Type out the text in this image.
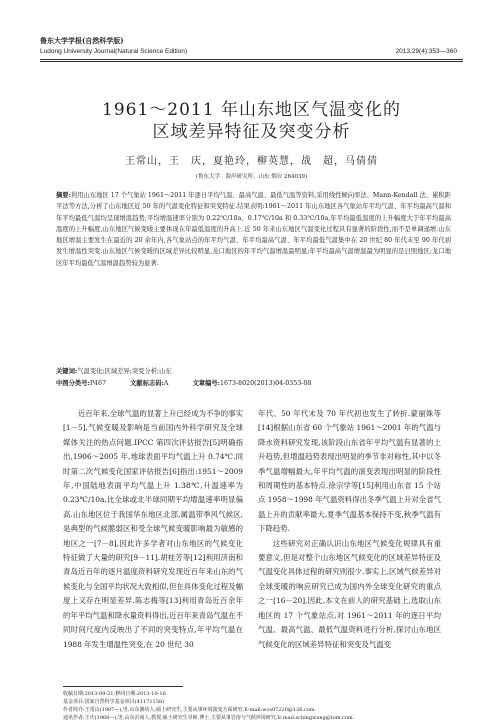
鲁东大学学报(自然科学版)
Ludong University Journal(Natural Science Edition)	2013,29(4):353—360
1961～2011 年山东地区气温变化的
区域差异特征及突变分析
王常山，王　庆，夏艳玲，柳英慧，战　超，马倩倩
(鲁东大学　海岸研究所，山东 烟台 264039)
摘要:利用山东地区 17 个气象站 1961～2011 年逐日平均气温、最高气温、最低气温等资料,采用线性倾向率法、Mann-Kendall 法、累积距平法等方法,分析了山东地区近 50 年的气温变化特征和突变特征.结果表明:1961～2011 年山东地区各气象站年平均气温、年平均最高气温和年平均最低气温均呈现增温趋势,平均增温速率分别为 0.22℃/10a、0.17℃/10a 和 0.33℃/10a,年平均最低温度的上升幅度大于年平均最高温度的上升幅度,山东地区气候变暖主要体现在年最低温度的升高上.近 50 年来山东地区气温变化过程具有显著的阶段性,而不是单调递增.山东地区增温主要发生在最近的 20 余年内,各气象站点的年平均气温、年平均最高气温、年平均最低气温集中在 20 世纪 80 年代末至 90 年代初发生增温性突变.山东地区气候变暖的区域差异比较明显,龙口地区的年平均气温增温最明显;年平均最高气温增温最为明显的是日照地区;龙口地区年平均最低气温增温趋势较为显著.
关键词:气温变化;区域差异;突变分析;山东
中图分类号:P467	文献标志码:A	文章编号:1673-8020(2013)04-0353-08

近百年来,全球气温的显著上升已经成为不争的事实[1－5],气候变暖及影响是当前国内外科学研究及全球媒体关注的热点问题.IPCC 第四次评估报告[5]明确指出,1906～2005 年,地球表面平均气温上升 0.74℃.同时第二次气候变化国家评估报告[6]指出:1951～2009 年,中国陆地表面平均气温上升 1.38℃,升温速率为 0.23℃/10a,比全球或北半球同期平均增温速率明显偏高.山东地区位于我国华东地区北部,属温带季风气候区,是典型的气候脆弱区和受全球气候变暖影响最为敏感的地区之一[7－8],因此许多学者对山东地区的气候变化特征做了大量的研究[9－11].胡桂芳等[12]利用济南和青岛近百年的逐月温度资料研究发现近百年来山东的气候变化与全国平均状况大致相似,但在具体变化过程及幅度上又存在明显差异.陈志梅等[13]利用青岛近百余年的年平均气温和降水量资料得出,近百年来青岛气温在不同时间尺度内反映出了不同的突变特点,年平均气温在 1988 年发生增温性突变,在 20 世纪 30

年代、50 年代末及 70 年代初也发生了转折.蒙丽姝等[14]根据山东省 60 个气象站 1961～2001 年的气温与降水资料研究发现,该阶段山东省年平均气温有显著的上升趋势,但增温趋势表现出明显的季节非对称性,其中以冬季气温增幅最大,年平均气温的演变表现出明显的阶段性和周期性的基本特点.徐宗学等[15]利用山东省 15 个站点 1958～1998 年气温资料得出冬季气温上升对全省气温上升的贡献率最大,夏季气温基本保持不变,秋季气温有下降趋势.

这些研究对正确认识山东地区气候变化规律具有重要意义,但是对整个山东地区气候变化的区域差异特征及气温变化具体过程的研究则很少.事实上,区域气候差异对全球变暖的响应研究已成为国内外全球变化研究的重点之一[16－20],因此,本文在前人的研究基础上,选取山东地区的 17 个气象站点,对 1961～2011 年的逐日平均气温、最高气温、最低气温资料进行分析,探讨山东地区气候变化的区域差异特征和突变及气温变

收稿日期:2013-09-21;修回日期:2013-10-16
基金项目:国家自然科学基金项目(41171158)
作者简介:王常山(1987—),男,山东潍坊人,硕士研究生,主要从事环境演变方面研究.E-mail:wcs07220@126.com.
通讯作者:王庆(1968—),男,山东沂南人,教授,硕士研究生导师,博士,主要从事岩溶与气候环境研究.E-mail:schingwang@tom.com.
